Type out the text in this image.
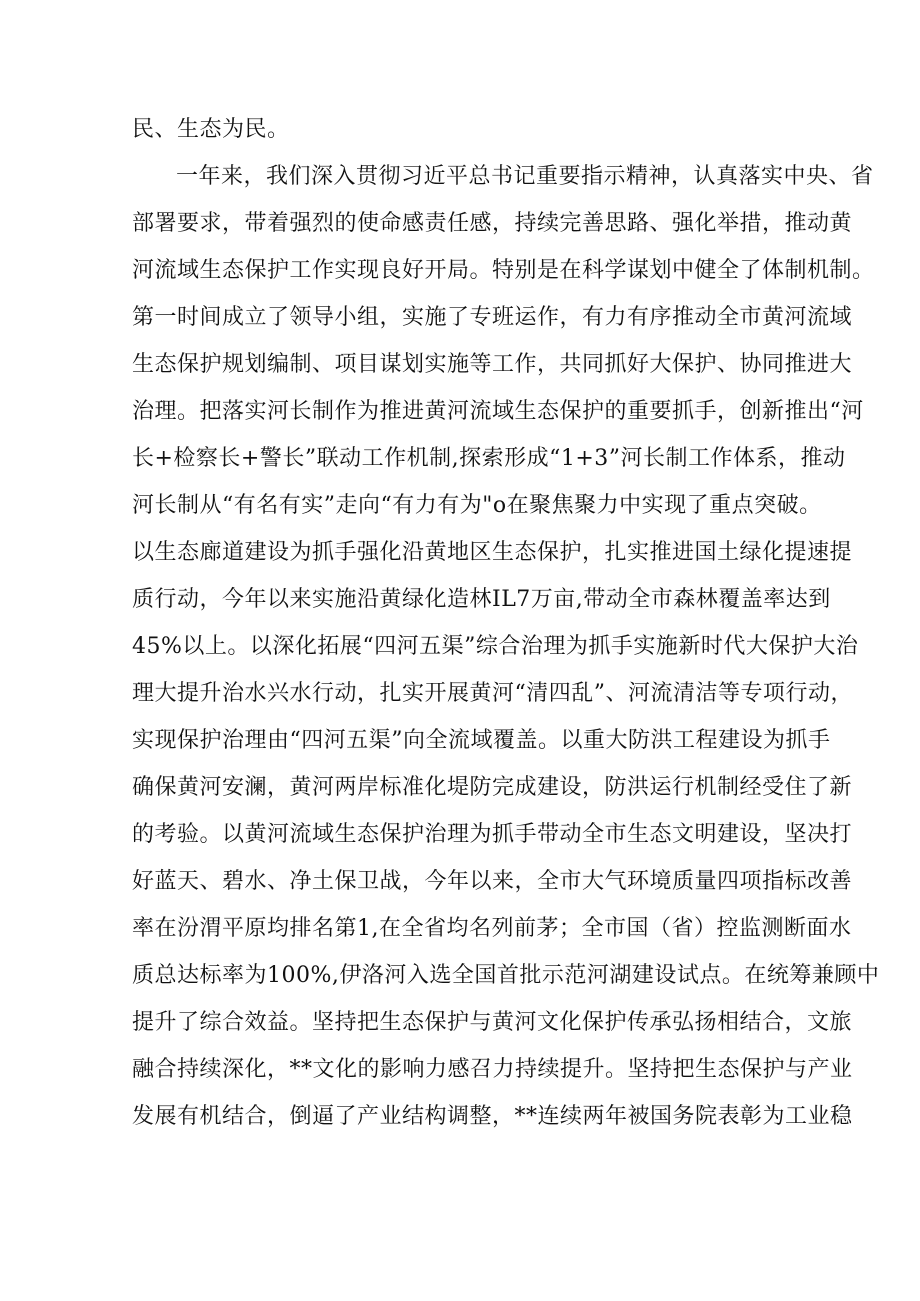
民、生态为民。
一年来，我们深入贯彻习近平总书记重要指示精神，认真落实中央、省
部署要求，带着强烈的使命感责任感，持续完善思路、强化举措，推动黄
河流域生态保护工作实现良好开局。特别是在科学谋划中健全了体制机制。
第一时间成立了领导小组，实施了专班运作，有力有序推动全市黄河流域
生态保护规划编制、项目谋划实施等工作，共同抓好大保护、协同推进大
治理。把落实河长制作为推进黄河流域生态保护的重要抓手，创新推出“河
长+检察长+警长”联动工作机制,探索形成“1+3”河长制工作体系，推动
河长制从“有名有实”走向“有力有为"o在聚焦聚力中实现了重点突破。
以生态廊道建设为抓手强化沿黄地区生态保护，扎实推进国土绿化提速提
质行动，今年以来实施沿黄绿化造林IL7万亩,带动全市森林覆盖率达到
45%以上。以深化拓展“四河五渠”综合治理为抓手实施新时代大保护大治
理大提升治水兴水行动，扎实开展黄河“清四乱”、河流清洁等专项行动，
实现保护治理由“四河五渠”向全流域覆盖。以重大防洪工程建设为抓手
确保黄河安澜，黄河两岸标准化堤防完成建设，防洪运行机制经受住了新
的考验。以黄河流域生态保护治理为抓手带动全市生态文明建设，坚决打
好蓝天、碧水、净土保卫战，今年以来，全市大气环境质量四项指标改善
率在汾渭平原均排名第1,在全省均名列前茅；全市国（省）控监测断面水
质总达标率为100%,伊洛河入选全国首批示范河湖建设试点。在统筹兼顾中
提升了综合效益。坚持把生态保护与黄河文化保护传承弘扬相结合，文旅
融合持续深化，**文化的影响力感召力持续提升。坚持把生态保护与产业
发展有机结合，倒逼了产业结构调整，**连续两年被国务院表彰为工业稳
